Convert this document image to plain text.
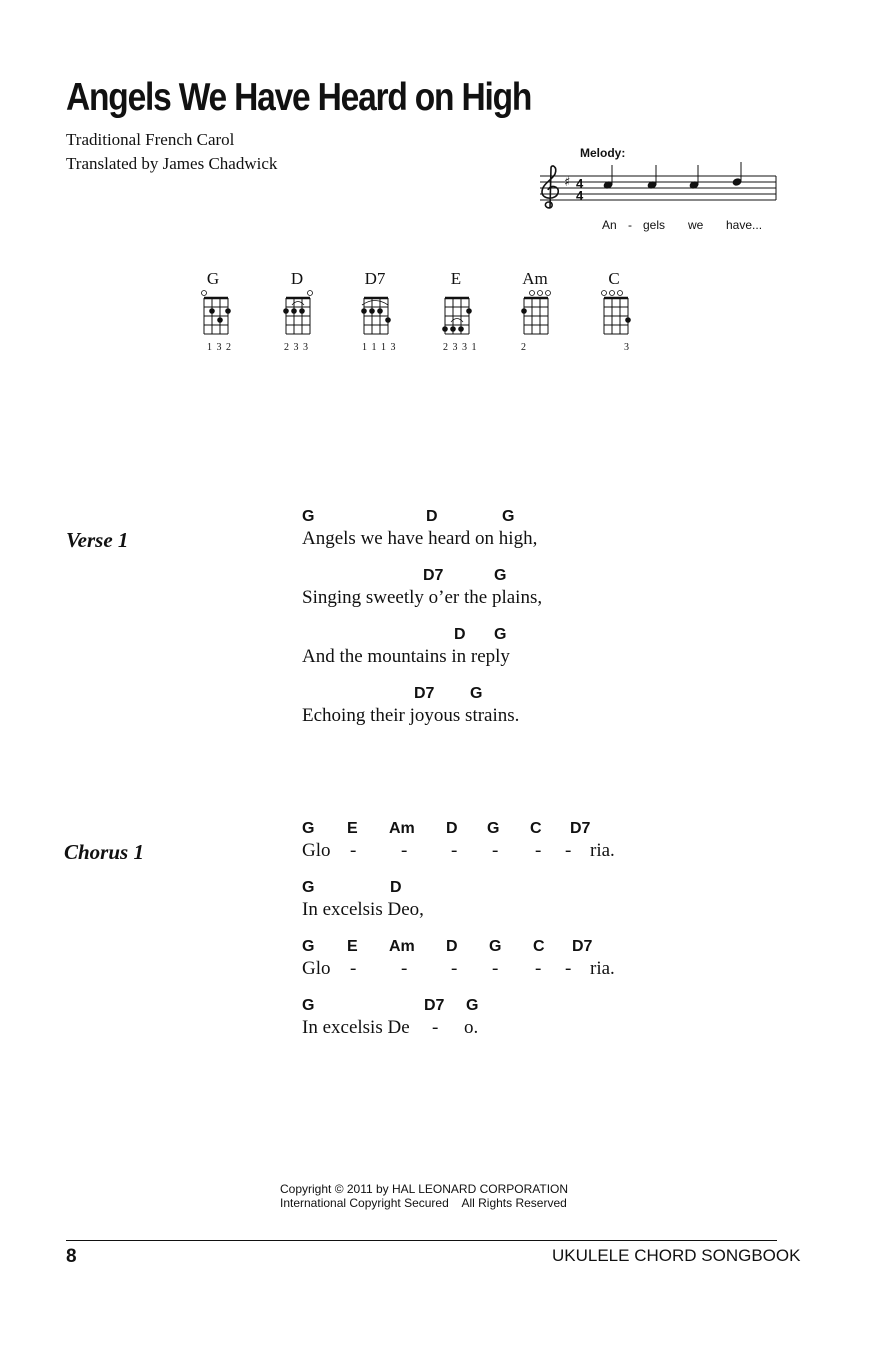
Angels We Have Heard on High
Traditional French Carol
Translated by James Chadwick
Melody:
♯ 4
4
An - gels we have...
G	D	D7	E	Am	C
1 3 2	2 3 3	1 1 1 3	2 3 3 1	2	3
Verse 1
G	D	G
Angels we have heard on high,
D7	G
Singing sweetly o’er the plains,
D G
And the mountains in reply
D7 G
Echoing their joyous strains.
Chorus 1
G E Am D G C D7
Glo - - - - - - ria.
G	D
In excelsis Deo,
G E Am D G C D7
Glo - - - - - - ria.
G	D7 G
In excelsis De - o.
Copyright © 2011 by HAL LEONARD CORPORATION
International Copyright Secured    All Rights Reserved
8	UKULELE CHORD SONGBOOK
